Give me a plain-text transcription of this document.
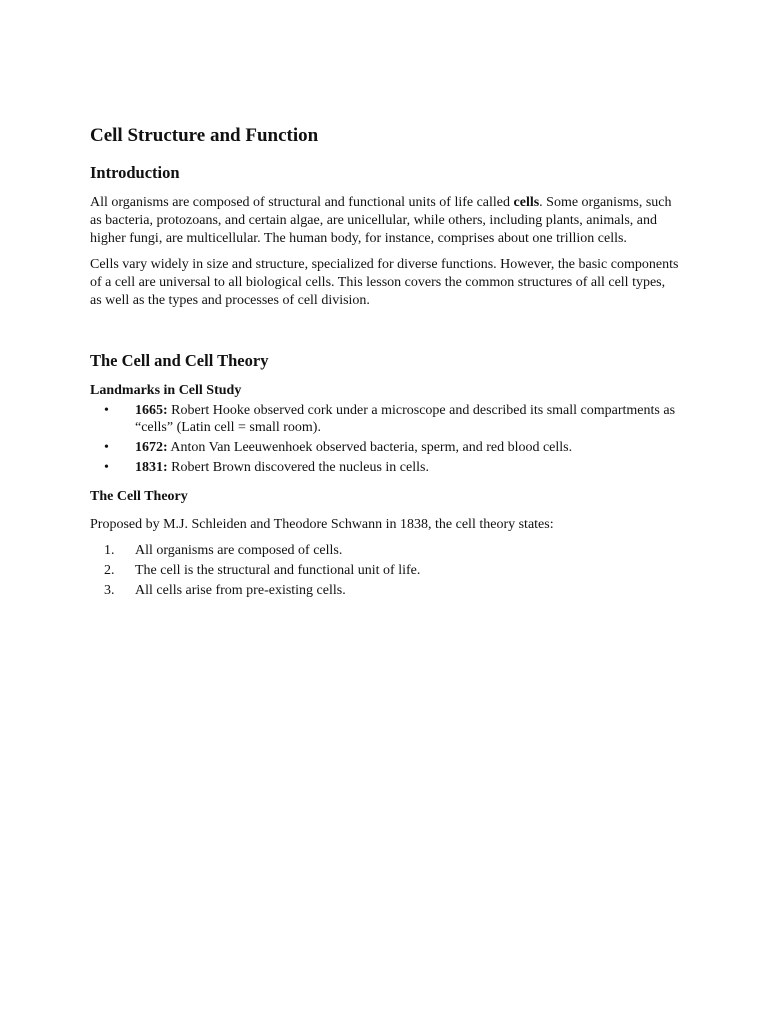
Cell Structure and Function
Introduction

All organisms are composed of structural and functional units of life called cells. Some organisms, such as bacteria, protozoans, and certain algae, are unicellular, while others, including plants, animals, and higher fungi, are multicellular. The human body, for instance, comprises about one trillion cells.

Cells vary widely in size and structure, specialized for diverse functions. However, the basic components of a cell are universal to all biological cells. This lesson covers the common structures of all cell types, as well as the types and processes of cell division.

The Cell and Cell Theory
Landmarks in Cell Study
• 1665: Robert Hooke observed cork under a microscope and described its small compartments as “cells” (Latin cell = small room).
• 1672: Anton Van Leeuwenhoek observed bacteria, sperm, and red blood cells.
• 1831: Robert Brown discovered the nucleus in cells.
The Cell Theory

Proposed by M.J. Schleiden and Theodore Schwann in 1838, the cell theory states:

1. All organisms are composed of cells.
2. The cell is the structural and functional unit of life.
3. All cells arise from pre-existing cells.
